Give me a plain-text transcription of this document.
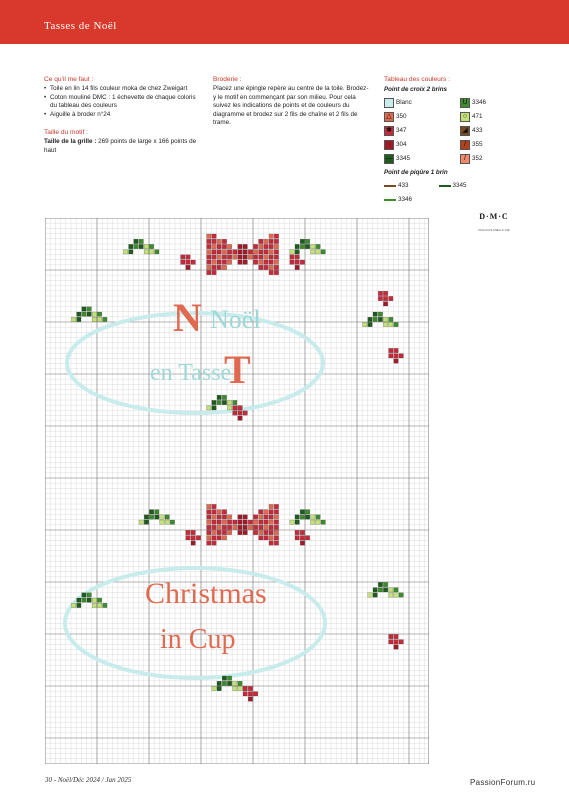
Tasses de Noël
Ce qu'il me faut :
• Toile en lin 14 fils couleur moka de chez Zweigart
• Coton mouliné DMC : 1 échevette de chaque coloris du tableau des couleurs
• Aiguille à broder n°24
Taille du motif :
Taille de la grille : 269 points de large x 166 points de haut
Broderie :
Placez une épingle repère au centre de la toile. Brodez-y le motif en commençant par son milieu. Pour cela suivez les indications de points et de couleurs du diagramme et brodez sur 2 fils de chaîne et 2 fils de trame.
Tableau des couleurs :
Point de croix 2 brins
Blanc	U 3346
△ 350	○ 471
✱ 347	◢ 433
· 304	/ 355
— 3345	/ 352
Point de piqûre 1 brin
433	3345
3346
D·M·C
DOLLFUS-MIEG & CIE
N
T
Noël
en Tasse
Christmas
in Cup
30 - Noël/Déc 2024 / Jan 2025	PassionForum.ru
